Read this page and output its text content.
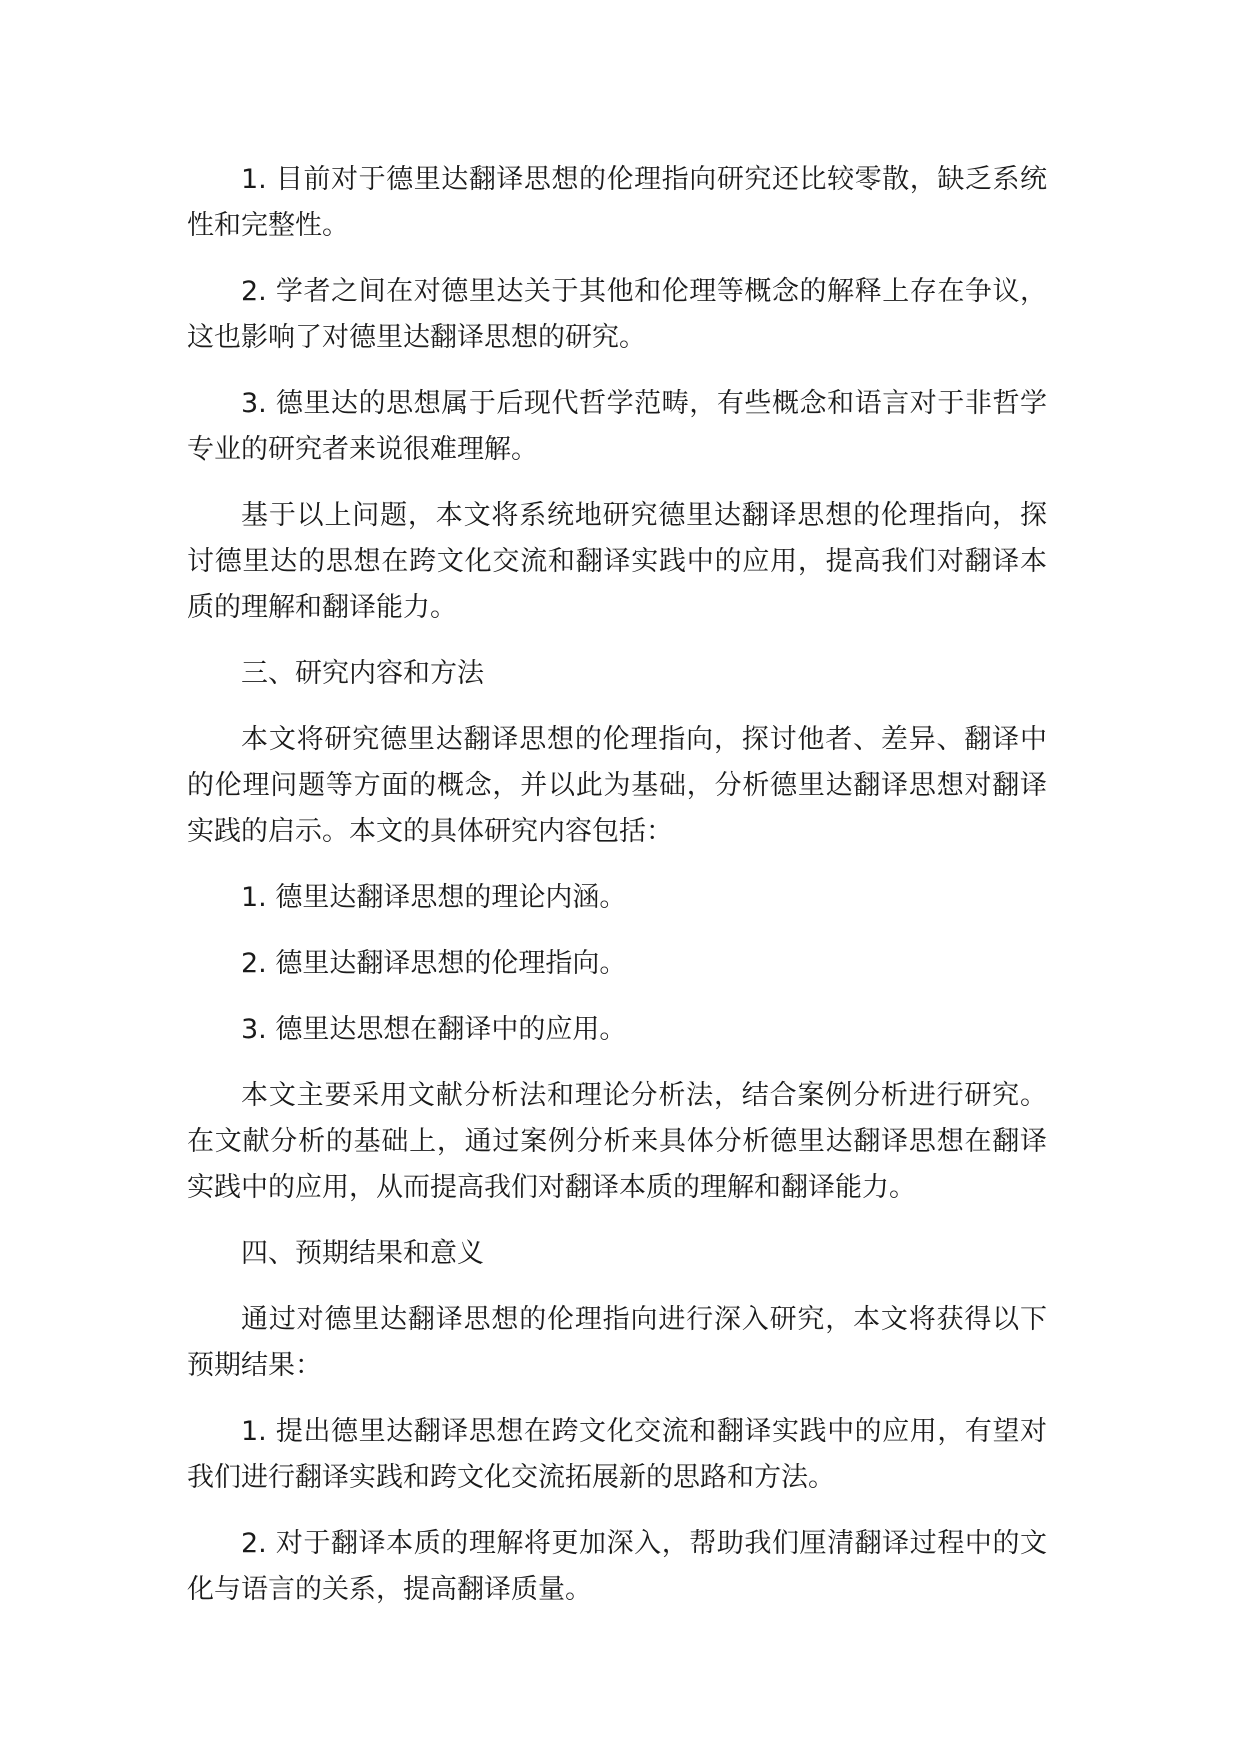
1. 目前对于德里达翻译思想的伦理指向研究还比较零散，缺乏系统性和完整性。

2. 学者之间在对德里达关于其他和伦理等概念的解释上存在争议，这也影响了对德里达翻译思想的研究。

3. 德里达的思想属于后现代哲学范畴，有些概念和语言对于非哲学专业的研究者来说很难理解。

基于以上问题，本文将系统地研究德里达翻译思想的伦理指向，探讨德里达的思想在跨文化交流和翻译实践中的应用，提高我们对翻译本质的理解和翻译能力。

三、研究内容和方法

本文将研究德里达翻译思想的伦理指向，探讨他者、差异、翻译中的伦理问题等方面的概念，并以此为基础，分析德里达翻译思想对翻译实践的启示。本文的具体研究内容包括：

1. 德里达翻译思想的理论内涵。

2. 德里达翻译思想的伦理指向。

3. 德里达思想在翻译中的应用。

本文主要采用文献分析法和理论分析法，结合案例分析进行研究。在文献分析的基础上，通过案例分析来具体分析德里达翻译思想在翻译实践中的应用，从而提高我们对翻译本质的理解和翻译能力。

四、预期结果和意义

通过对德里达翻译思想的伦理指向进行深入研究，本文将获得以下预期结果：

1. 提出德里达翻译思想在跨文化交流和翻译实践中的应用，有望对我们进行翻译实践和跨文化交流拓展新的思路和方法。

2. 对于翻译本质的理解将更加深入，帮助我们厘清翻译过程中的文化与语言的关系，提高翻译质量。
